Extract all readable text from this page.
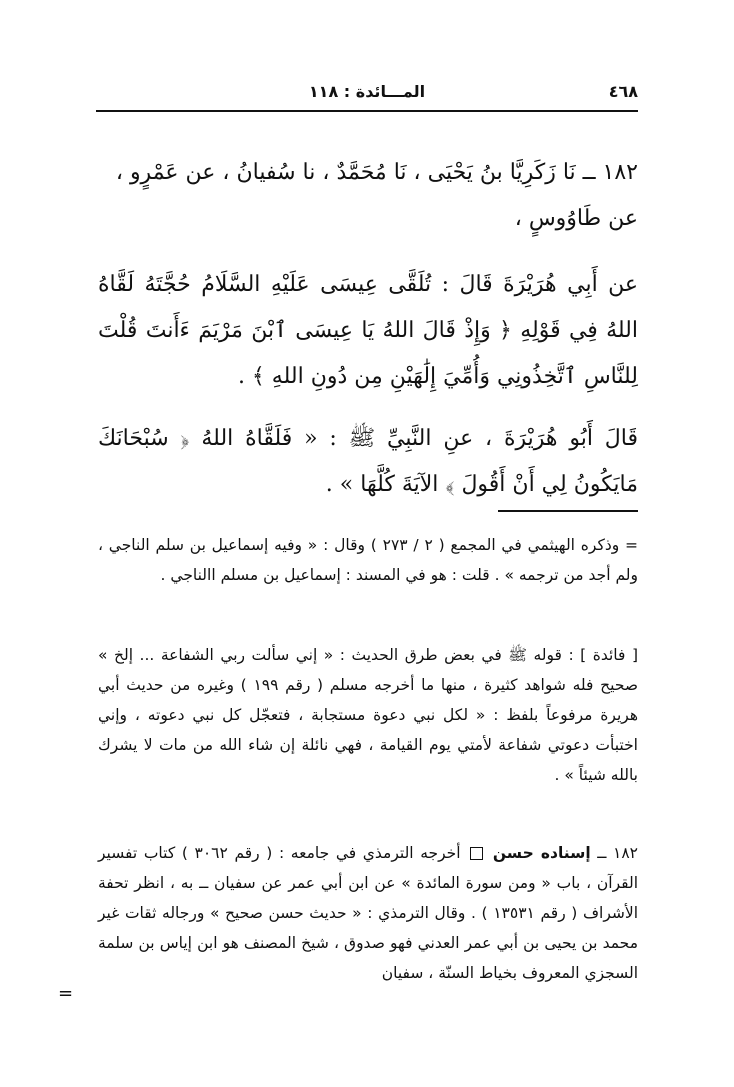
٤٦٨
المـــائدة : ١١٨
١٨٢ ــ نَا زَكَرِيَّا بنُ يَحْيَى ، نَا مُحَمَّدٌ ، نا سُفيانُ ، عن عَمْرٍو ،
عن طَاوُوسٍ ،
عن أَبِي هُرَيْرَةَ قَالَ : تُلَقَّى عِيسَى عَلَيْهِ السَّلَامُ حُجَّتَهُ لَقَّاهُ اللهُ فِي قَوْلِهِ ﴿ وَإِذْ قَالَ اللهُ يَا عِيسَى ٱبْنَ مَرْيَمَ ءَأَنتَ قُلْتَ لِلنَّاسِ ٱتَّخِذُونِي وَأُمِّيَ إِلَٰهَيْنِ مِن دُونِ اللهِ ﴾ .
قَالَ أَبُو هُرَيْرَةَ ، عنِ النَّبِيِّ ﷺ : « فَلَقَّاهُ اللهُ ﴿ سُبْحَانَكَ مَايَكُونُ لِي أَنْ أَقُولَ ﴾ الآيَةَ كُلَّهَا » .
= وذكره الهيثمي في المجمع ( ٢ / ٢٧٣ ) وقال : « وفيه إسماعيل بن سلم الناجي ، ولم أجد من ترجمه » . قلت : هو في المسند : إسماعيل بن مسلم االناجي .
[ فائدة ] : قوله ﷺ في بعض طرق الحديث : « إني سألت ربي الشفاعة ... إلخ » صحيح فله شواهد كثيرة ، منها ما أخرجه مسلم ( رقم ١٩٩ ) وغيره من حديث أبي هريرة مرفوعاً بلفظ : « لكل نبي دعوة مستجابة ، فتعجّل كل نبي دعوته ، وإني اختبأت دعوتي شفاعة لأمتي يوم القيامة ، فهي نائلة إن شاء الله من مات لا يشرك بالله شيئاً » .
١٨٢ ــ إسناده حسن  أخرجه الترمذي في جامعه : ( رقم ٣٠٦٢ ) كتاب تفسير القرآن ، باب « ومن سورة المائدة » عن ابن أبي عمر عن سفيان ــ به ، انظر تحفة الأشراف ( رقم ١٣٥٣١ ) . وقال الترمذي : « حديث حسن صحيح » ورجاله ثقات غير محمد بن يحيى بن أبي عمر العدني فهو صدوق ، شيخ المصنف هو ابن إياس بن سلمة السجزي المعروف بخياط السنّة ، سفيان
=
